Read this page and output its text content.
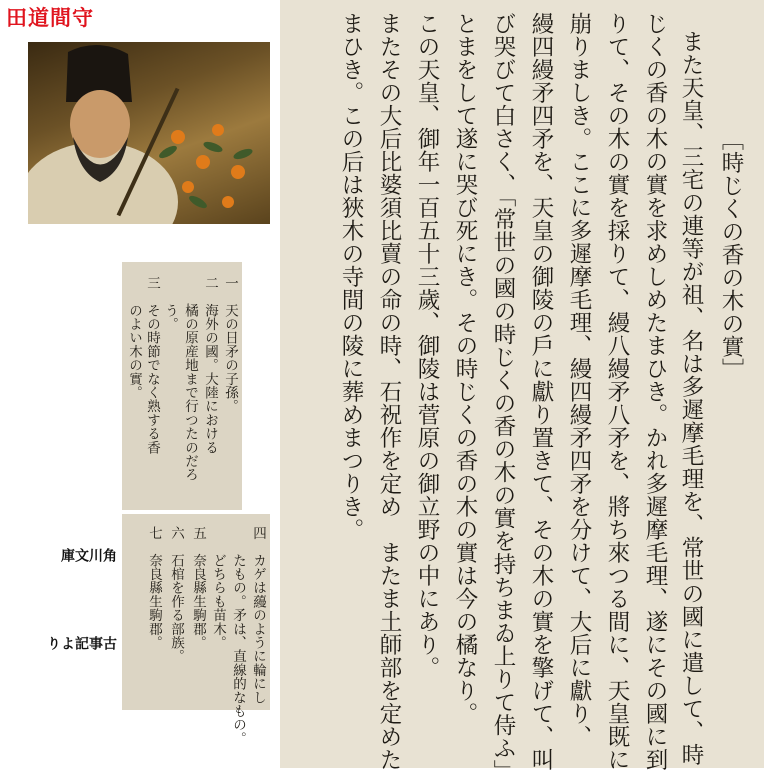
田道間守
一　天の日矛の子孫。
二　海外の國。大陸における
　　橘の原産地まで行つたのだろ
　　う。
三　その時節でなく熟する香
　　のよい木の實。
四　カゲは蘰のように輪にし
　　たもの。矛は、直線的なもの。
　　どちらも苗木。
五　奈良縣生駒郡。
六　石棺を作る部族。
七　奈良縣生駒郡。
角川文庫
古事記より
［時じくの香の木の實］
また天皇、三宅の連等が祖、名は多遲摩毛理を、常世の國に遣して、時
じくの香の木の實を求めしめたまひき。かれ多遲摩毛理、遂にその國に到
りて、その木の實を採りて、縵八縵矛八矛を、將ち來つる間に、天皇既に
崩りましき。ここに多遲摩毛理、縵四縵矛四矛を分けて、大后に獻り、
縵四縵矛四矛を、天皇の御陵の戶に獻り置きて、その木の實を擎げて、叫
び哭びて白さく、「常世の國の時じくの香の木の實を持ちまゐ上りて侍ふ」
とまをして遂に哭び死にき。その時じくの香の木の實は今の橘なり。
この天皇、御年一百五十三歲、御陵は菅原の御立野の中にあり。
またその大后比婆須比賣の命の時、石祝作を定め　またま土師部を定めた
まひき。この后は狹木の寺間の陵に葬めまつりき。
